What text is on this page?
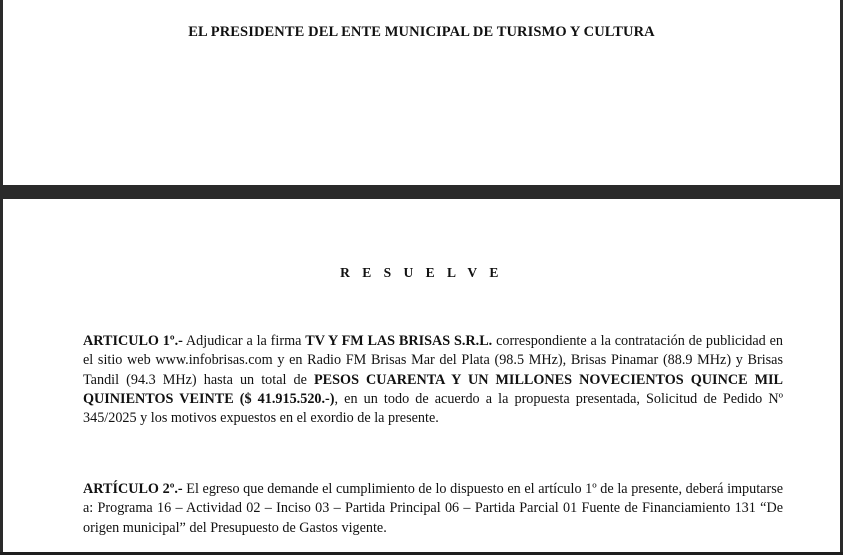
EL PRESIDENTE DEL ENTE MUNICIPAL DE TURISMO Y CULTURA
R E S U E L V E

ARTICULO 1º.- Adjudicar a la firma TV Y FM LAS BRISAS S.R.L. correspondiente a la contratación de publicidad en el sitio web www.infobrisas.com y en Radio FM Brisas Mar del Plata (98.5 MHz), Brisas Pinamar (88.9 MHz) y Brisas Tandil (94.3 MHz) hasta un total de PESOS CUARENTA Y UN MILLONES NOVECIENTOS QUINCE MIL QUINIENTOS VEINTE ($ 41.915.520.-), en un todo de acuerdo a la propuesta presentada, Solicitud de Pedido Nº 345/2025 y los motivos expuestos en el exordio de la presente.

ARTÍCULO 2º.- El egreso que demande el cumplimiento de lo dispuesto en el artículo 1º de la presente, deberá imputarse a: Programa 16 – Actividad 02 – Inciso 03 – Partida Principal 06 – Partida Parcial 01 Fuente de Financiamiento 131 “De origen municipal” del Presupuesto de Gastos vigente.
